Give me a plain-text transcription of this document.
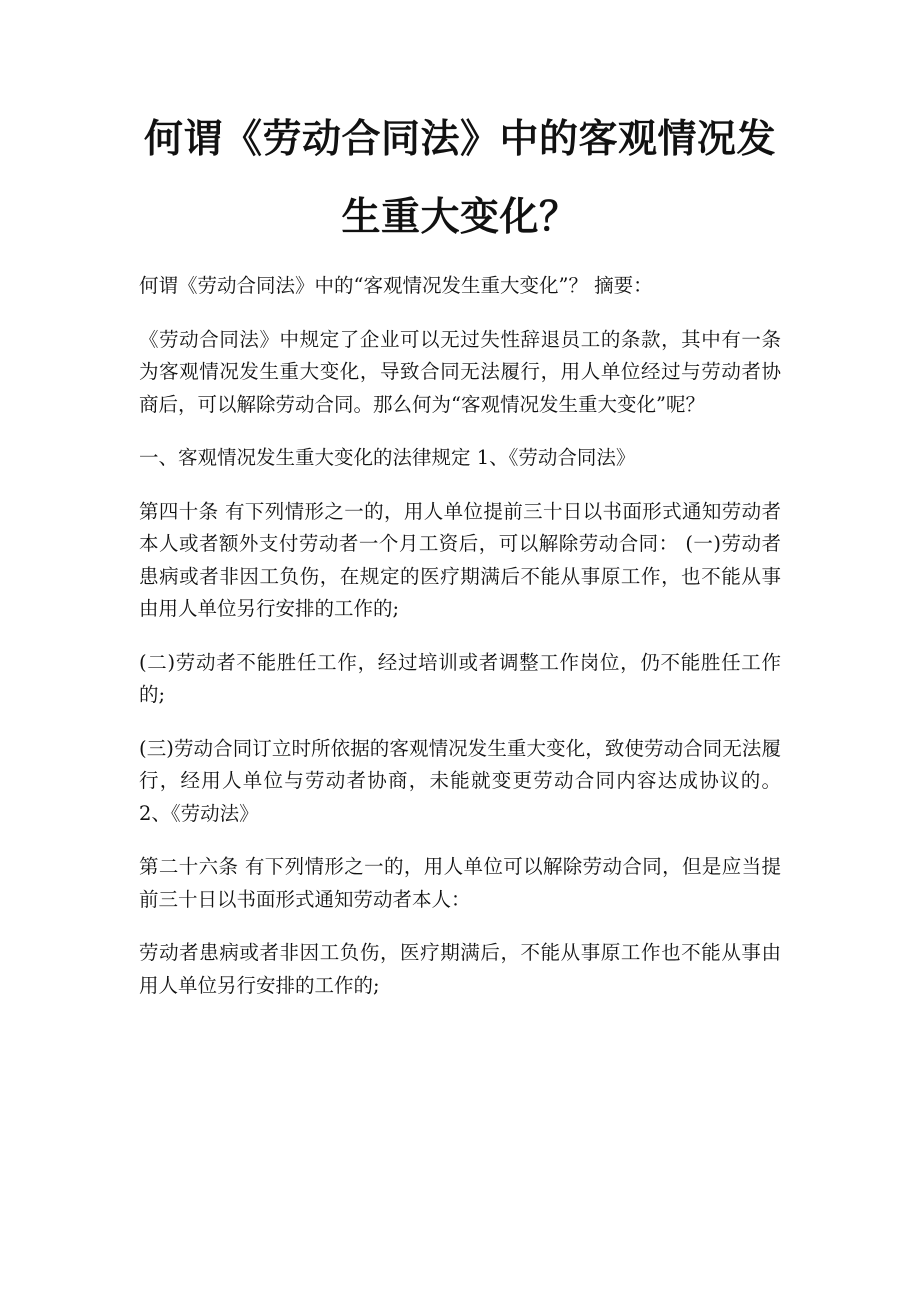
何谓《劳动合同法》中的客观情况发生重大变化？

何谓《劳动合同法》中的“客观情况发生重大变化”？ 摘要：

《劳动合同法》中规定了企业可以无过失性辞退员工的条款，其中有一条为客观情况发生重大变化，导致合同无法履行，用人单位经过与劳动者协商后，可以解除劳动合同。那么何为“客观情况发生重大变化”呢？

一、客观情况发生重大变化的法律规定 1、《劳动合同法》

第四十条 有下列情形之一的，用人单位提前三十日以书面形式通知劳动者本人或者额外支付劳动者一个月工资后，可以解除劳动合同： (一)劳动者患病或者非因工负伤，在规定的医疗期满后不能从事原工作，也不能从事由用人单位另行安排的工作的;

(二)劳动者不能胜任工作，经过培训或者调整工作岗位，仍不能胜任工作的;

(三)劳动合同订立时所依据的客观情况发生重大变化，致使劳动合同无法履行，经用人单位与劳动者协商，未能就变更劳动合同内容达成协议的。 2、《劳动法》

第二十六条 有下列情形之一的，用人单位可以解除劳动合同，但是应当提前三十日以书面形式通知劳动者本人：

劳动者患病或者非因工负伤，医疗期满后，不能从事原工作也不能从事由用人单位另行安排的工作的;
